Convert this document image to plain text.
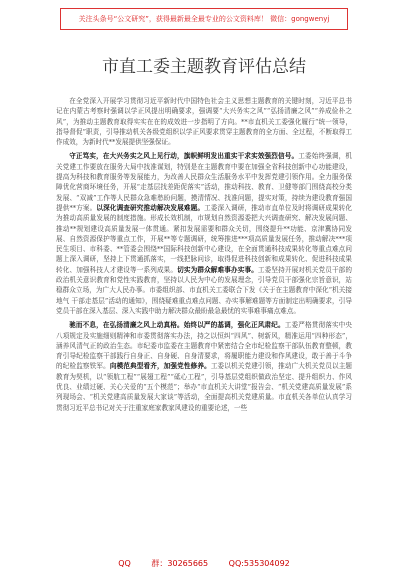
关注头条号“公文研究”，获得最新最全最专业的公文资料库！ 微信：gongwenyj
市直工委主题教育评估总结

在全党深入开展学习贯彻习近平新时代中国特色社会主义思想主题教育的关键时刻，习近平总书记在内蒙古考察时强调以学正风提出明确要求，强调要“大兴务实之风”“弘扬清廉之风”“养成俭朴之风”，为推动主题教育取得实实在在的成效进一步指明了方向。**市直机关工委强化履行“统一领导，指导督促”职责，引导推动机关各级党组织以学正风要求贯穿主题教育的全方面、全过程，不断取得工作成效，为新时代**发展提供坚强保证。

守正笃实，在大兴务实之风上见行动，旗帜鲜明发出重实干求实效强烈信号。工委始终强调，机关党建工作要放在服务大局中找准谋划，特别是在主题教育中要在加强全省科技创新中心功能建设，提高为科技和教育服务等发展能力，为改善人民群众生活服务水平中发挥党建引领作用。全力服务保障优化营商环境任务，开展“走基层找差距促落实”活动，推动科技、教育、卫健等部门围绕高校分类发展、“双减”工作等人民群众急难愁盼问题，摸清情况、找准问题，提实对策，持续为建设教育强国提供**方案。以深化调查研究推动解决发展难题。工委深入调研，推动市直单位及时将调研成果转化为推动高质量发展的制度措施。形成长效机制，市规划自然资源委把大兴调查研究、解决发展问题、推动**规划建设高质量发展一体贯通。紧扣发展需要和群众关切，围绕提升**功能、京津冀协同发展、自然资源保护等重点工作，开展**等专题调研，统筹推进***项高质量发展任务，推动解决***项民生项目、市科委、**管委会围绕**国际科技创新中心建设，在全面贯通科技成果转化等重点难点问题上深入调研，坚持上下贯通抓落实，一线把脉问诊，取得促进科技创新和成果转化、促进科技成果转化、加强科技人才建设等一系列成果。切实为群众解难事办实事。工委坚持开展对机关党员干部的政治机关意识教育和党性实践教育，坚持以人民为中心的发展理念，引导党员干部强化宗旨意识，站稳群众立场，为广大人民办事。市委组织部、市直机关工委联合下发《关于在主题教育中深化“机关接地气 干部走基层”活动的通知》，围绕疑难重点难点问题、办实事解难题等方面制定出明确要求，引导党员干部在深入基层、深入实践中助力解决群众最盼最急最忧的实事难事痛点难点。

驰而不息，在弘扬清廉之风上动真格。始终以严的基调，强化正风肃纪。工委严格贯彻落实中央八项规定及实施细则精神和市委贯彻落实办法，持之以恒纠“四风”、树新风，精准运用“四种形态”，涵养风清气正的政治生态。市纪委市监委在主题教育中紧密结合全市纪检监察干部队伍教育整顿，教育引导纪检监察干部践行自身正、自身硬、自身清要求，将履职能力建设和作风建设，敢于善于斗争的纪检监察铁军。向模范典型看齐，加强党性修养。工委以机关党建引领，推动广大机关党员以主题教育为契机，以“领航工程”“展翅工程”“砥心工程”，引导基层党组织做政治坚定、提升组织力、作风优良、业绩过硬、关心关爱的“五个模范”；举办“市直机关大讲堂”报告会、“机关党建高质量发展”系列现场会、“机关党建高质量发展大家谈”等活动，全面提高机关党建质量。市直机关各单位认真学习贯彻习近平总书记对关于注重家庭家教家风建设的重要论述，一些

QQ 群：30265665 QQ:535304092
